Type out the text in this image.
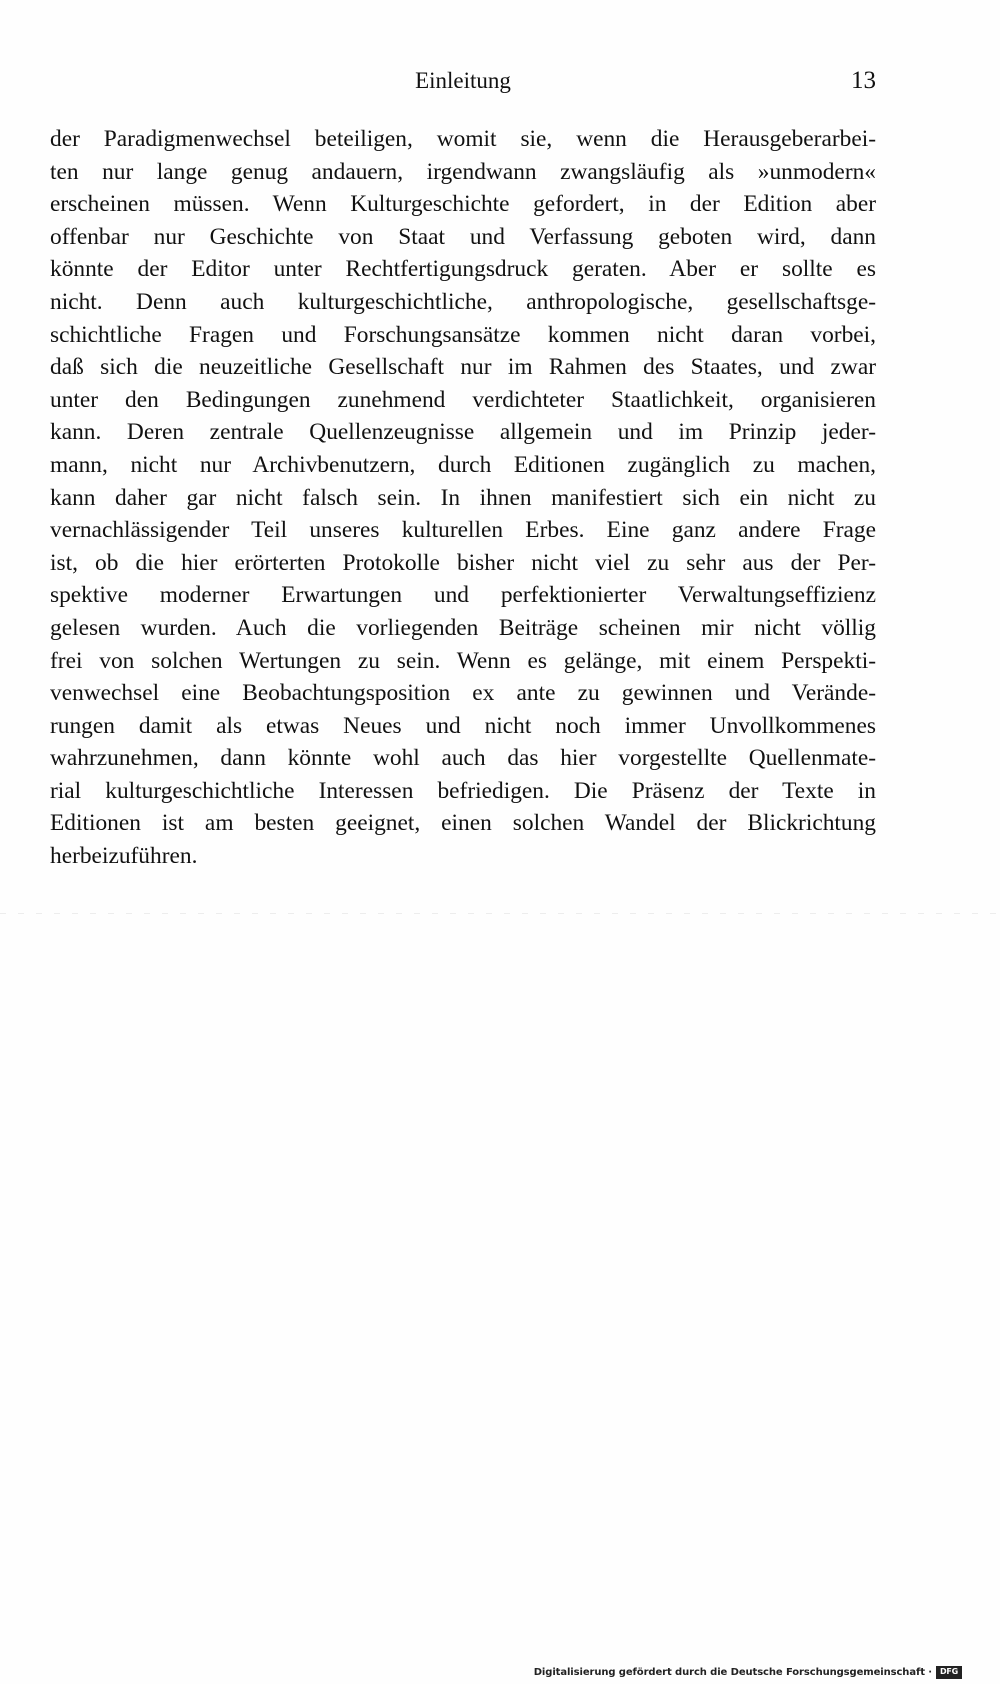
Einleitung	13
der Paradigmenwechsel beteiligen, womit sie, wenn die Herausgeberarbei-
ten nur lange genug andauern, irgendwann zwangsläufig als »unmodern«
erscheinen müssen. Wenn Kulturgeschichte gefordert, in der Edition aber
offenbar nur Geschichte von Staat und Verfassung geboten wird, dann
könnte der Editor unter Rechtfertigungsdruck geraten. Aber er sollte es
nicht. Denn auch kulturgeschichtliche, anthropologische, gesellschaftsge-
schichtliche Fragen und Forschungsansätze kommen nicht daran vorbei,
daß sich die neuzeitliche Gesellschaft nur im Rahmen des Staates, und zwar
unter den Bedingungen zunehmend verdichteter Staatlichkeit, organisieren
kann. Deren zentrale Quellenzeugnisse allgemein und im Prinzip jeder-
mann, nicht nur Archivbenutzern, durch Editionen zugänglich zu machen,
kann daher gar nicht falsch sein. In ihnen manifestiert sich ein nicht zu
vernachlässigender Teil unseres kulturellen Erbes. Eine ganz andere Frage
ist, ob die hier erörterten Protokolle bisher nicht viel zu sehr aus der Per-
spektive moderner Erwartungen und perfektionierter Verwaltungseffizienz
gelesen wurden. Auch die vorliegenden Beiträge scheinen mir nicht völlig
frei von solchen Wertungen zu sein. Wenn es gelänge, mit einem Perspekti-
venwechsel eine Beobachtungsposition ex ante zu gewinnen und Verände-
rungen damit als etwas Neues und nicht noch immer Unvollkommenes
wahrzunehmen, dann könnte wohl auch das hier vorgestellte Quellenmate-
rial kulturgeschichtliche Interessen befriedigen. Die Präsenz der Texte in
Editionen ist am besten geeignet, einen solchen Wandel der Blickrichtung
herbeizuführen.
Digitalisierung gefördert durch die Deutsche Forschungsgemeinschaft · DFG
